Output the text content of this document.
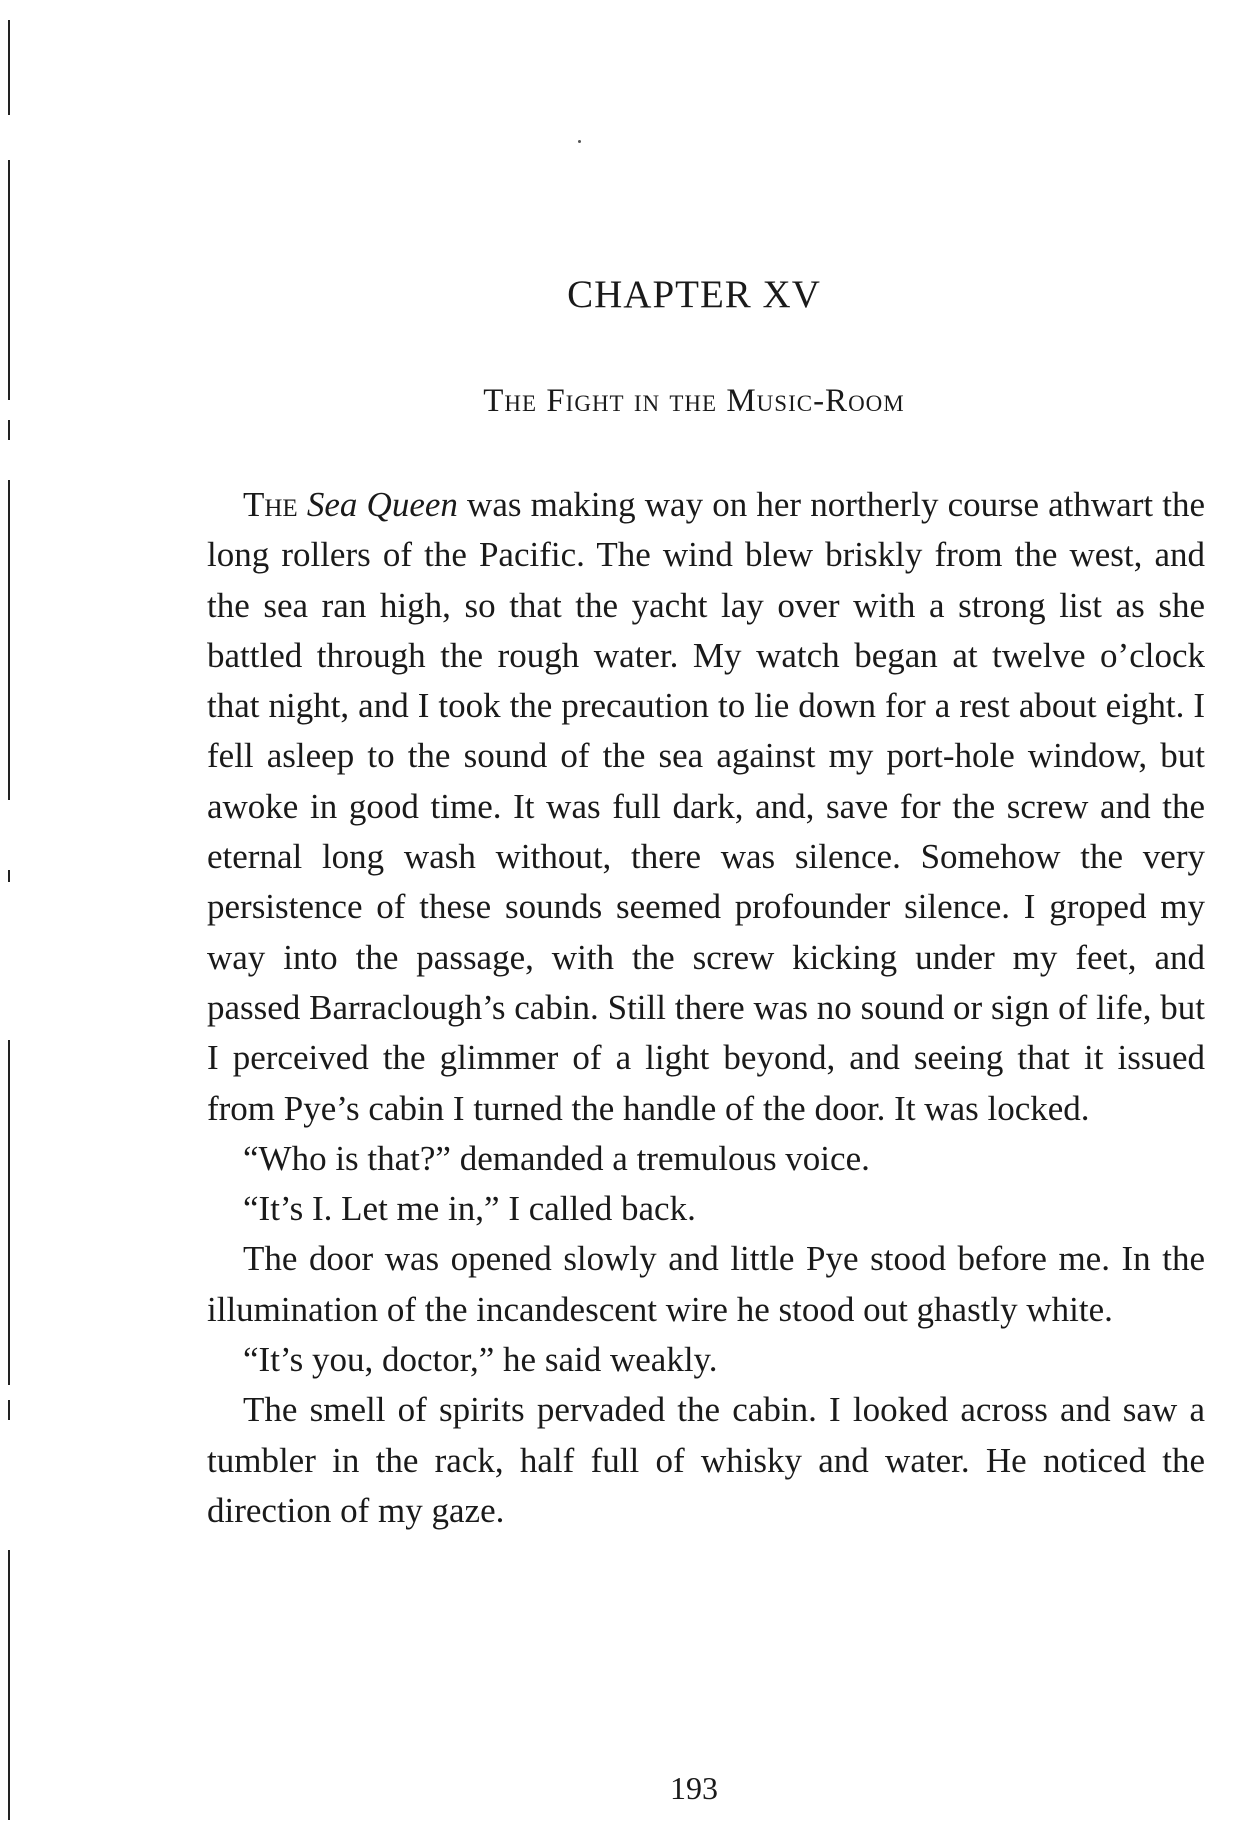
CHAPTER XV
The Fight in the Music-Room

The Sea Queen was making way on her northerly course athwart the long rollers of the Pacific. The wind blew briskly from the west, and the sea ran high, so that the yacht lay over with a strong list as she battled through the rough water. My watch began at twelve o’clock that night, and I took the precaution to lie down for a rest about eight. I fell asleep to the sound of the sea against my port-hole window, but awoke in good time. It was full dark, and, save for the screw and the eternal long wash without, there was silence. Somehow the very persistence of these sounds seemed profounder silence. I groped my way into the passage, with the screw kicking under my feet, and passed Barraclough’s cabin. Still there was no sound or sign of life, but I perceived the glimmer of a light beyond, and seeing that it issued from Pye’s cabin I turned the handle of the door. It was locked.

“Who is that?” demanded a tremulous voice.

“It’s I. Let me in,” I called back.

The door was opened slowly and little Pye stood before me. In the illumination of the incandescent wire he stood out ghastly white.

“It’s you, doctor,” he said weakly.

The smell of spirits pervaded the cabin. I looked across and saw a tumbler in the rack, half full of whisky and water. He noticed the direction of my gaze.

193
